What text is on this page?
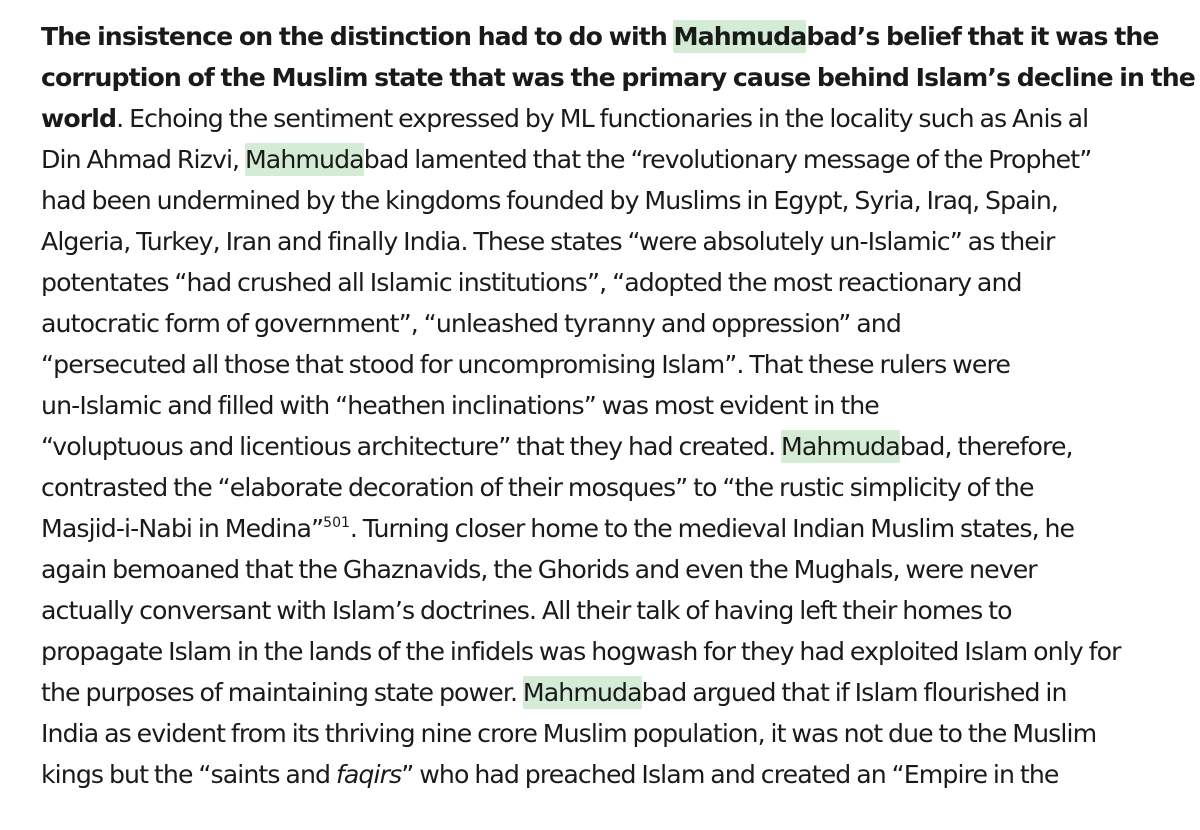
The insistence on the distinction had to do with Mahmudabad’s belief that it was the
corruption of the Muslim state that was the primary cause behind Islam’s decline in the
world. Echoing the sentiment expressed by ML functionaries in the locality such as Anis al
Din Ahmad Rizvi, Mahmudabad lamented that the “revolutionary message of the Prophet”
had been undermined by the kingdoms founded by Muslims in Egypt, Syria, Iraq, Spain,
Algeria, Turkey, Iran and finally India. These states “were absolutely un-Islamic” as their
potentates “had crushed all Islamic institutions”, “adopted the most reactionary and
autocratic form of government”, “unleashed tyranny and oppression” and
“persecuted all those that stood for uncompromising Islam”. That these rulers were
un-Islamic and filled with “heathen inclinations” was most evident in the
“voluptuous and licentious architecture” that they had created. Mahmudabad, therefore,
contrasted the “elaborate decoration of their mosques” to “the rustic simplicity of the
Masjid-i-Nabi in Medina”$^{501}$. Turning closer home to the medieval Indian Muslim states, he
again bemoaned that the Ghaznavids, the Ghorids and even the Mughals, were never
actually conversant with Islam’s doctrines. All their talk of having left their homes to
propagate Islam in the lands of the infidels was hogwash for they had exploited Islam only for
the purposes of maintaining state power. Mahmudabad argued that if Islam flourished in
India as evident from its thriving nine crore Muslim population, it was not due to the Muslim
kings but the “saints and faqirs” who had preached Islam and created an “Empire in the
